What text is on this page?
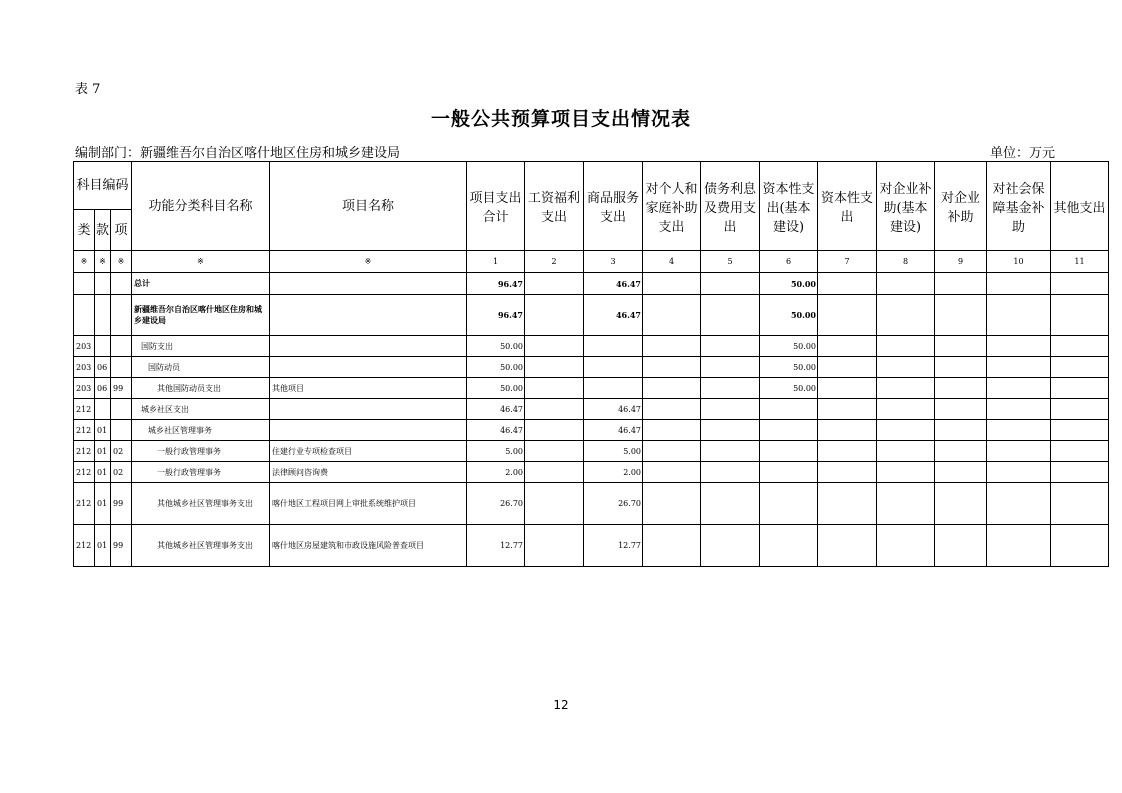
表 7
一般公共预算项目支出情况表
编制部门：新疆维吾尔自治区喀什地区住房和城乡建设局	单位：万元
科目编码			功能分类科目名称	项目名称	项目支出合计	工资福利支出	商品服务支出	对个人和家庭补助支出	债务利息及费用支出	资本性支出(基本建设)	资本性支出	对企业补助(基本建设)	对企业补助	对社会保障基金补助	其他支出
类	款	项													
※	※	※	※	※	1	2	3	4	5	6	7	8	9	10	11
			总计		96.47		46.47			50.00					
			新疆维吾尔自治区喀什地区住房和城乡建设局		96.47		46.47			50.00					
203			国防支出		50.00					50.00					
203	06		国防动员		50.00					50.00					
203	06	99	其他国防动员支出	其他项目	50.00					50.00					
212			城乡社区支出		46.47		46.47								
212	01		城乡社区管理事务		46.47		46.47								
212	01	02	一般行政管理事务	住建行业专项检查项目	5.00		5.00								
212	01	02	一般行政管理事务	法律顾问咨询费	2.00		2.00								
212	01	99	其他城乡社区管理事务支出	喀什地区工程项目网上审批系统维护项目	26.70		26.70								
212	01	99	其他城乡社区管理事务支出	喀什地区房屋建筑和市政设施风险普查项目	12.77		12.77								
12
